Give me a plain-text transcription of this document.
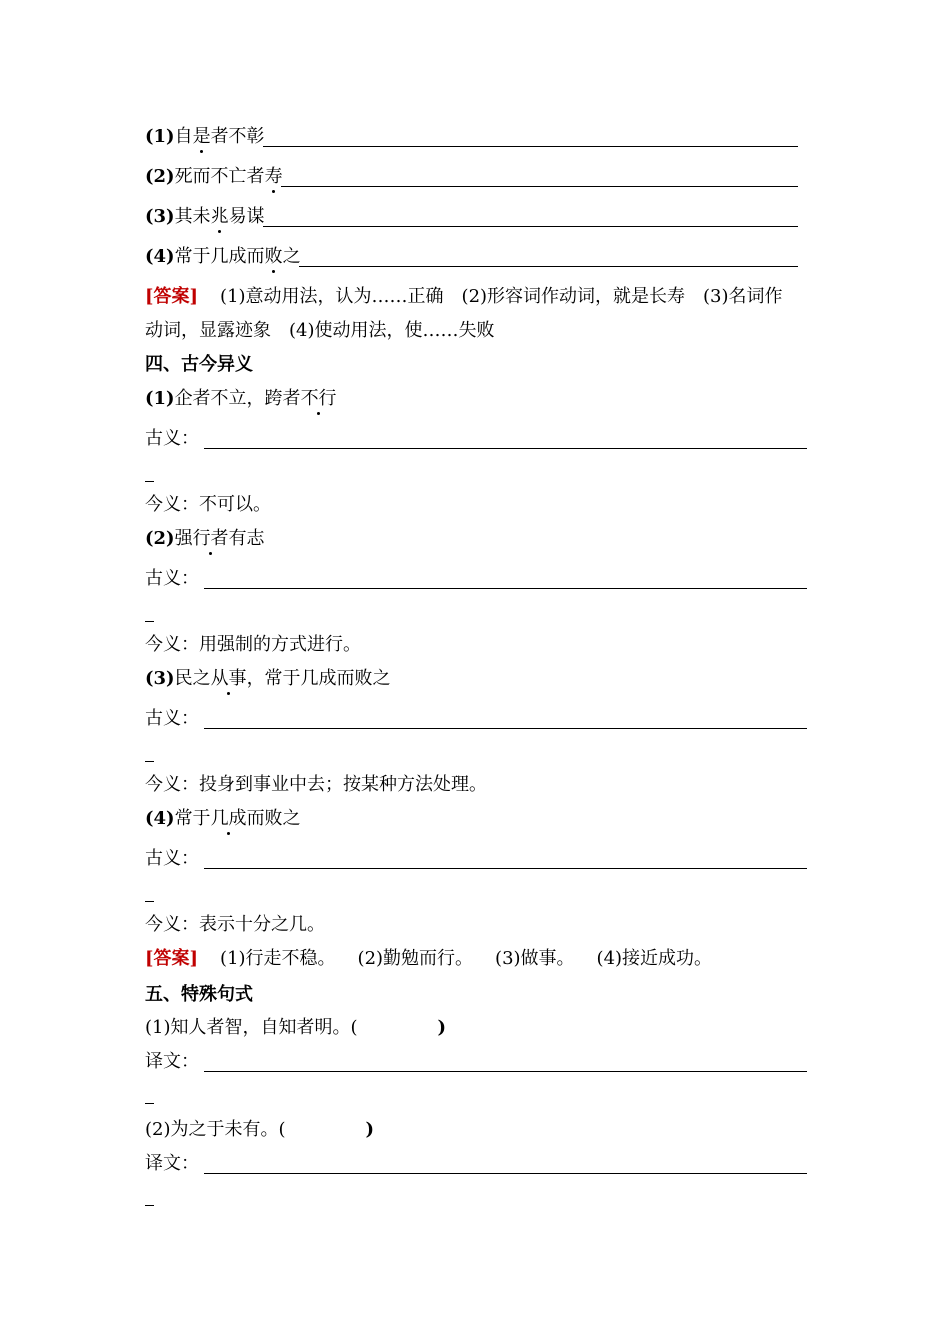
(1)自是者不彰
(2)死而不亡者寿
(3)其未兆易谋
(4)常于几成而败之
[答案] (1)意动用法，认为……正确　(2)形容词作动词，就是长寿　(3)名词作
动词，显露迹象　(4)使动用法，使……失败
四、古今异义
(1)企者不立，跨者不行
古义：
今义：不可以。
(2)强行者有志
古义：
今义：用强制的方式进行。
(3)民之从事，常于几成而败之
古义：
今义：投身到事业中去；按某种方法处理。
(4)常于几成而败之
古义：
今义：表示十分之几。
[答案] (1)行走不稳。 (2)勤勉而行。 (3)做事。 (4)接近成功。
五、特殊句式
(1)知人者智，自知者明。(	)
译文：
(2)为之于未有。(	)
译文：
